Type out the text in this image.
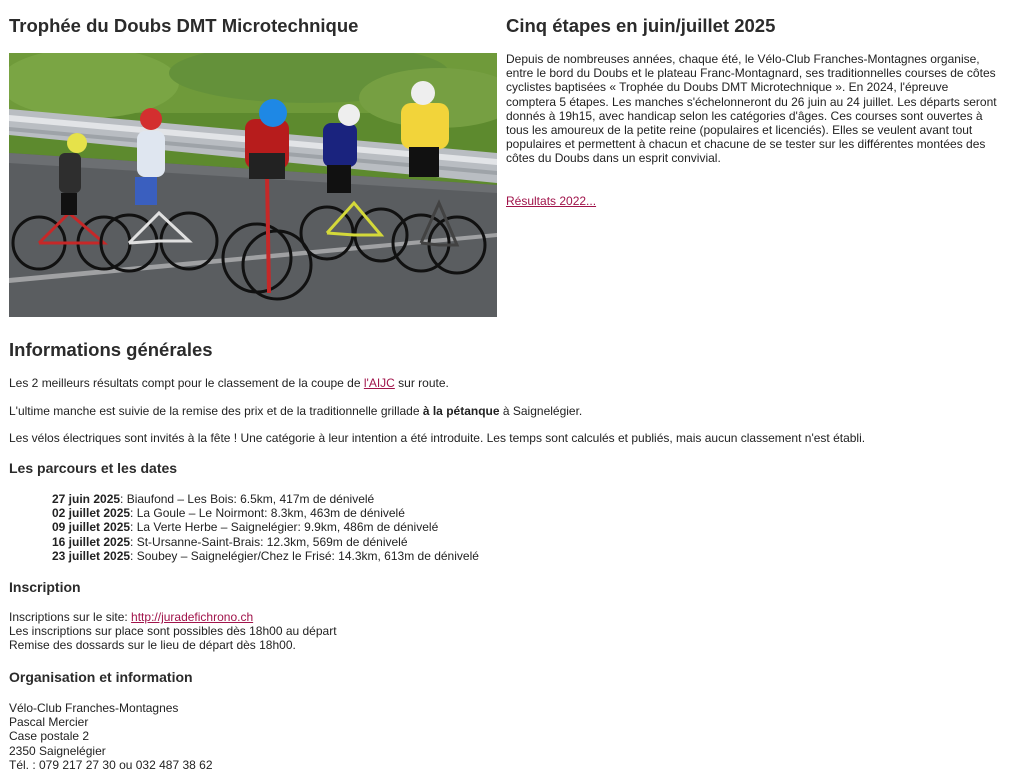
Trophée du Doubs DMT Microtechnique	Cinq étapes en juin/juillet 2025
Depuis de nombreuses années, chaque été, le Vélo-Club Franches-Montagnes organise, entre le bord du Doubs et le plateau Franc-Montagnard, ses traditionnelles courses de côtes cyclistes baptisées « Trophée du Doubs DMT Microtechnique ». En 2024, l'épreuve comptera 5 étapes. Les manches s'échelonneront du 26 juin au 24 juillet. Les départs seront donnés à 19h15, avec handicap selon les catégories d'âges. Ces courses sont ouvertes à tous les amoureux de la petite reine (populaires et licenciés). Elles se veulent avant tout populaires et permettent à chacun et chacune de se tester sur les différentes montées des côtes du Doubs dans un esprit convivial.
Résultats 2022...
Informations générales
Les 2 meilleurs résultats compt pour le classement de la coupe de l'AIJC sur route.
L'ultime manche est suivie de la remise des prix et de la traditionnelle grillade à la pétanque à Saignelégier.
Les vélos électriques sont invités à la fête ! Une catégorie à leur intention a été introduite. Les temps sont calculés et publiés, mais aucun classement n'est établi.
Les parcours et les dates
27 juin 2025: Biaufond – Les Bois: 6.5km, 417m de dénivelé
02 juillet 2025: La Goule – Le Noirmont: 8.3km, 463m de dénivelé
09 juillet 2025: La Verte Herbe – Saignelégier: 9.9km, 486m de dénivelé
16 juillet 2025: St-Ursanne-Saint-Brais: 12.3km, 569m de dénivelé
23 juillet 2025: Soubey – Saignelégier/Chez le Frisé: 14.3km, 613m de dénivelé
Inscription
Inscriptions sur le site: http://juradefichrono.ch
Les inscriptions sur place sont possibles dès 18h00 au départ
Remise des dossards sur le lieu de départ dès 18h00.
Organisation et information
Vélo-Club Franches-Montagnes
Pascal Mercier
Case postale 2
2350 Saignelégier
Tél. : 079 217 27 30 ou 032 487 38 62
